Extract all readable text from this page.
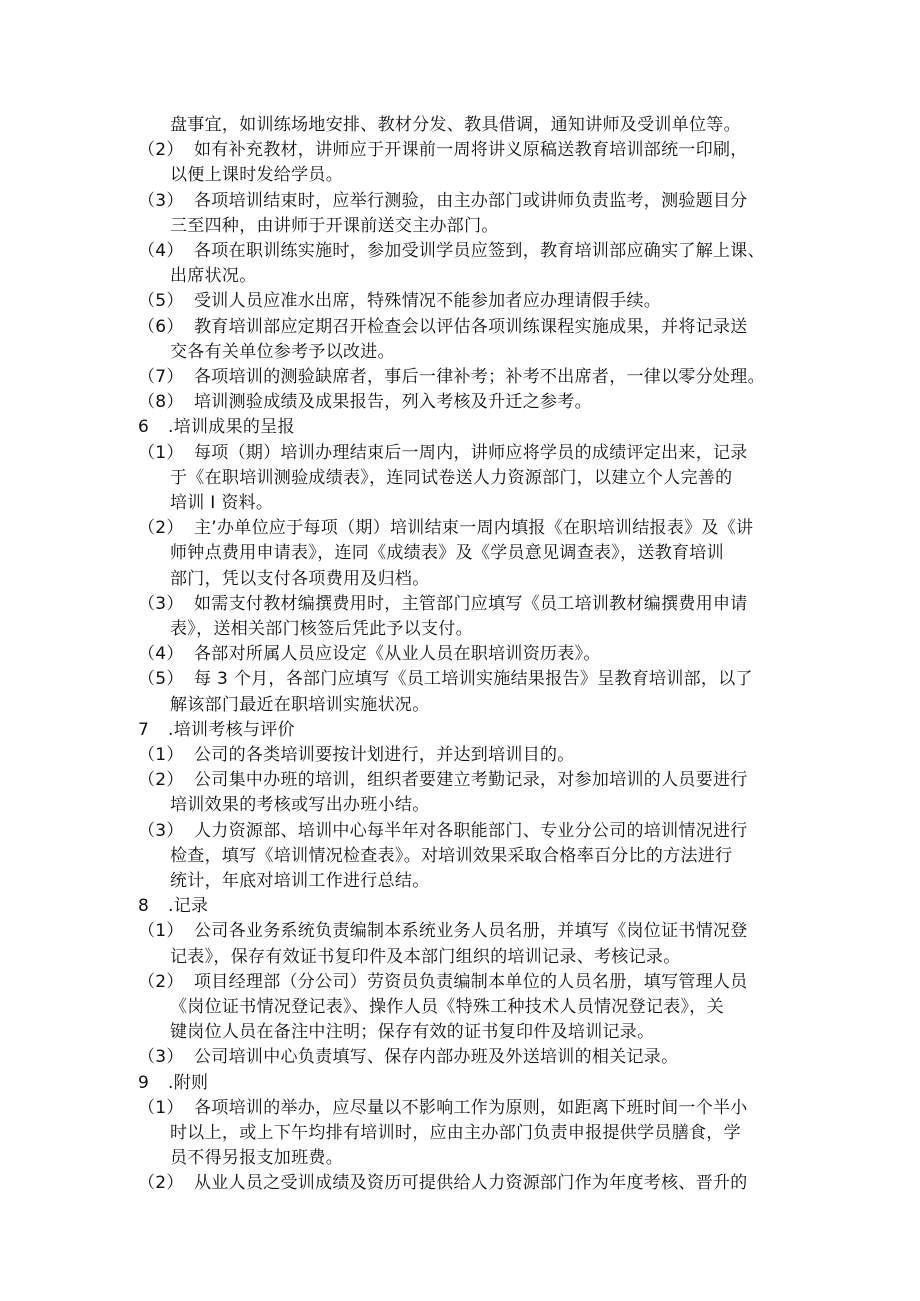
盘事宜，如训练场地安排、教材分发、教具借调，通知讲师及受训单位等。
（2） 如有补充教材，讲师应于开课前一周将讲义原稿送教育培训部统一印刷，
以便上课时发给学员。
（3） 各项培训结束时，应举行测验，由主办部门或讲师负责监考，测验题目分
三至四种，由讲师于开课前送交主办部门。
（4） 各项在职训练实施时，参加受训学员应签到，教育培训部应确实了解上课、
出席状况。
（5） 受训人员应准水出席，特殊情况不能参加者应办理请假手续。
（6） 教育培训部应定期召开检查会以评估各项训练课程实施成果，并将记录送
交各有关单位参考予以改进。
（7） 各项培训的测验缺席者，事后一律补考；补考不出席者，一律以零分处理。
（8） 培训测验成绩及成果报告，列入考核及升迁之参考。
6 .培训成果的呈报
（1） 每项（期）培训办理结束后一周内，讲师应将学员的成绩评定出来，记录
于《在职培训测验成绩表》，连同试卷送人力资源部门，以建立个人完善的
培训 I 资料。
（2） 主’办单位应于每项（期）培训结束一周内填报《在职培训结报表》及《讲
师钟点费用申请表》，连同《成绩表》及《学员意见调查表》，送教育培训
部门，凭以支付各项费用及归档。
（3） 如需支付教材编撰费用时，主管部门应填写《员工培训教材编撰费用申请
表》，送相关部门核签后凭此予以支付。
（4） 各部对所属人员应设定《从业人员在职培训资历表》。
（5） 每 3 个月，各部门应填写《员工培训实施结果报告》呈教育培训部，以了
解该部门最近在职培训实施状况。
7 .培训考核与评价
（1） 公司的各类培训要按计划进行，并达到培训目的。
（2） 公司集中办班的培训，组织者要建立考勤记录，对参加培训的人员要进行
培训效果的考核或写出办班小结。
（3） 人力资源部、培训中心每半年对各职能部门、专业分公司的培训情况进行
检查，填写《培训情况检查表》。对培训效果采取合格率百分比的方法进行
统计，年底对培训工作进行总结。
8 .记录
（1） 公司各业务系统负责编制本系统业务人员名册，并填写《岗位证书情况登
记表》，保存有效证书复印件及本部门组织的培训记录、考核记录。
（2） 项目经理部（分公司）劳资员负责编制本单位的人员名册，填写管理人员
《岗位证书情况登记表》、操作人员《特殊工种技术人员情况登记表》，关
键岗位人员在备注中注明；保存有效的证书复印件及培训记录。
（3） 公司培训中心负责填写、保存内部办班及外送培训的相关记录。
9 .附则
（1） 各项培训的举办，应尽量以不影响工作为原则，如距离下班时间一个半小
时以上，或上下午均排有培训时，应由主办部门负责申报提供学员膳食，学
员不得另报支加班费。
（2） 从业人员之受训成绩及资历可提供给人力资源部门作为年度考核、晋升的
